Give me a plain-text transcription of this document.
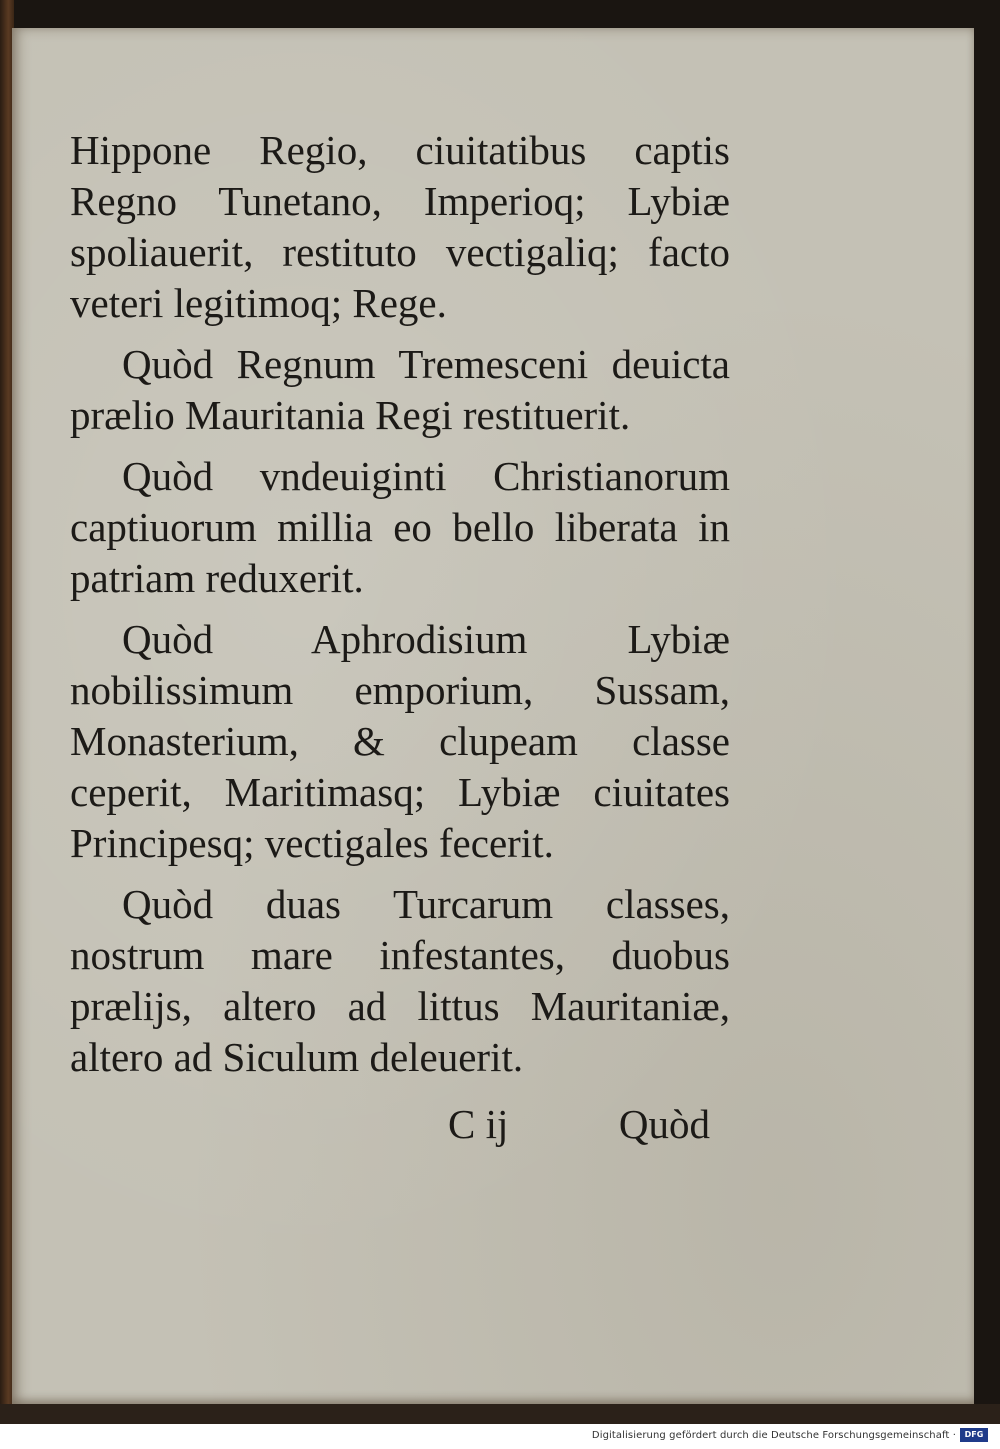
Hippone Regio, ciuitatibus captis Regno Tunetano, Imperioq; Lybiæ spoliauerit, restituto vectigaliq; facto veteri legitimoq; Rege.

Quòd Regnum Tremesceni deuicta prælio Mauritania Regi restituerit.

Quòd vndeuiginti Christianorum captiuorum millia eo bello liberata in patriam reduxerit.

Quòd Aphrodisium Lybiæ nobilissimum emporium, Sussam, Monasterium, & clupeam classe ceperit, Maritimasq; Lybiæ ciuitates Principesq; vectigales fecerit.

Quòd duas Turcarum classes, nostrum mare infestantes, duobus prælijs, altero ad littus Mauritaniæ, altero ad Siculum deleuerit.

C ij	Quòd
Digitalisierung gefördert durch die Deutsche Forschungsgemeinschaft ·	DFG
